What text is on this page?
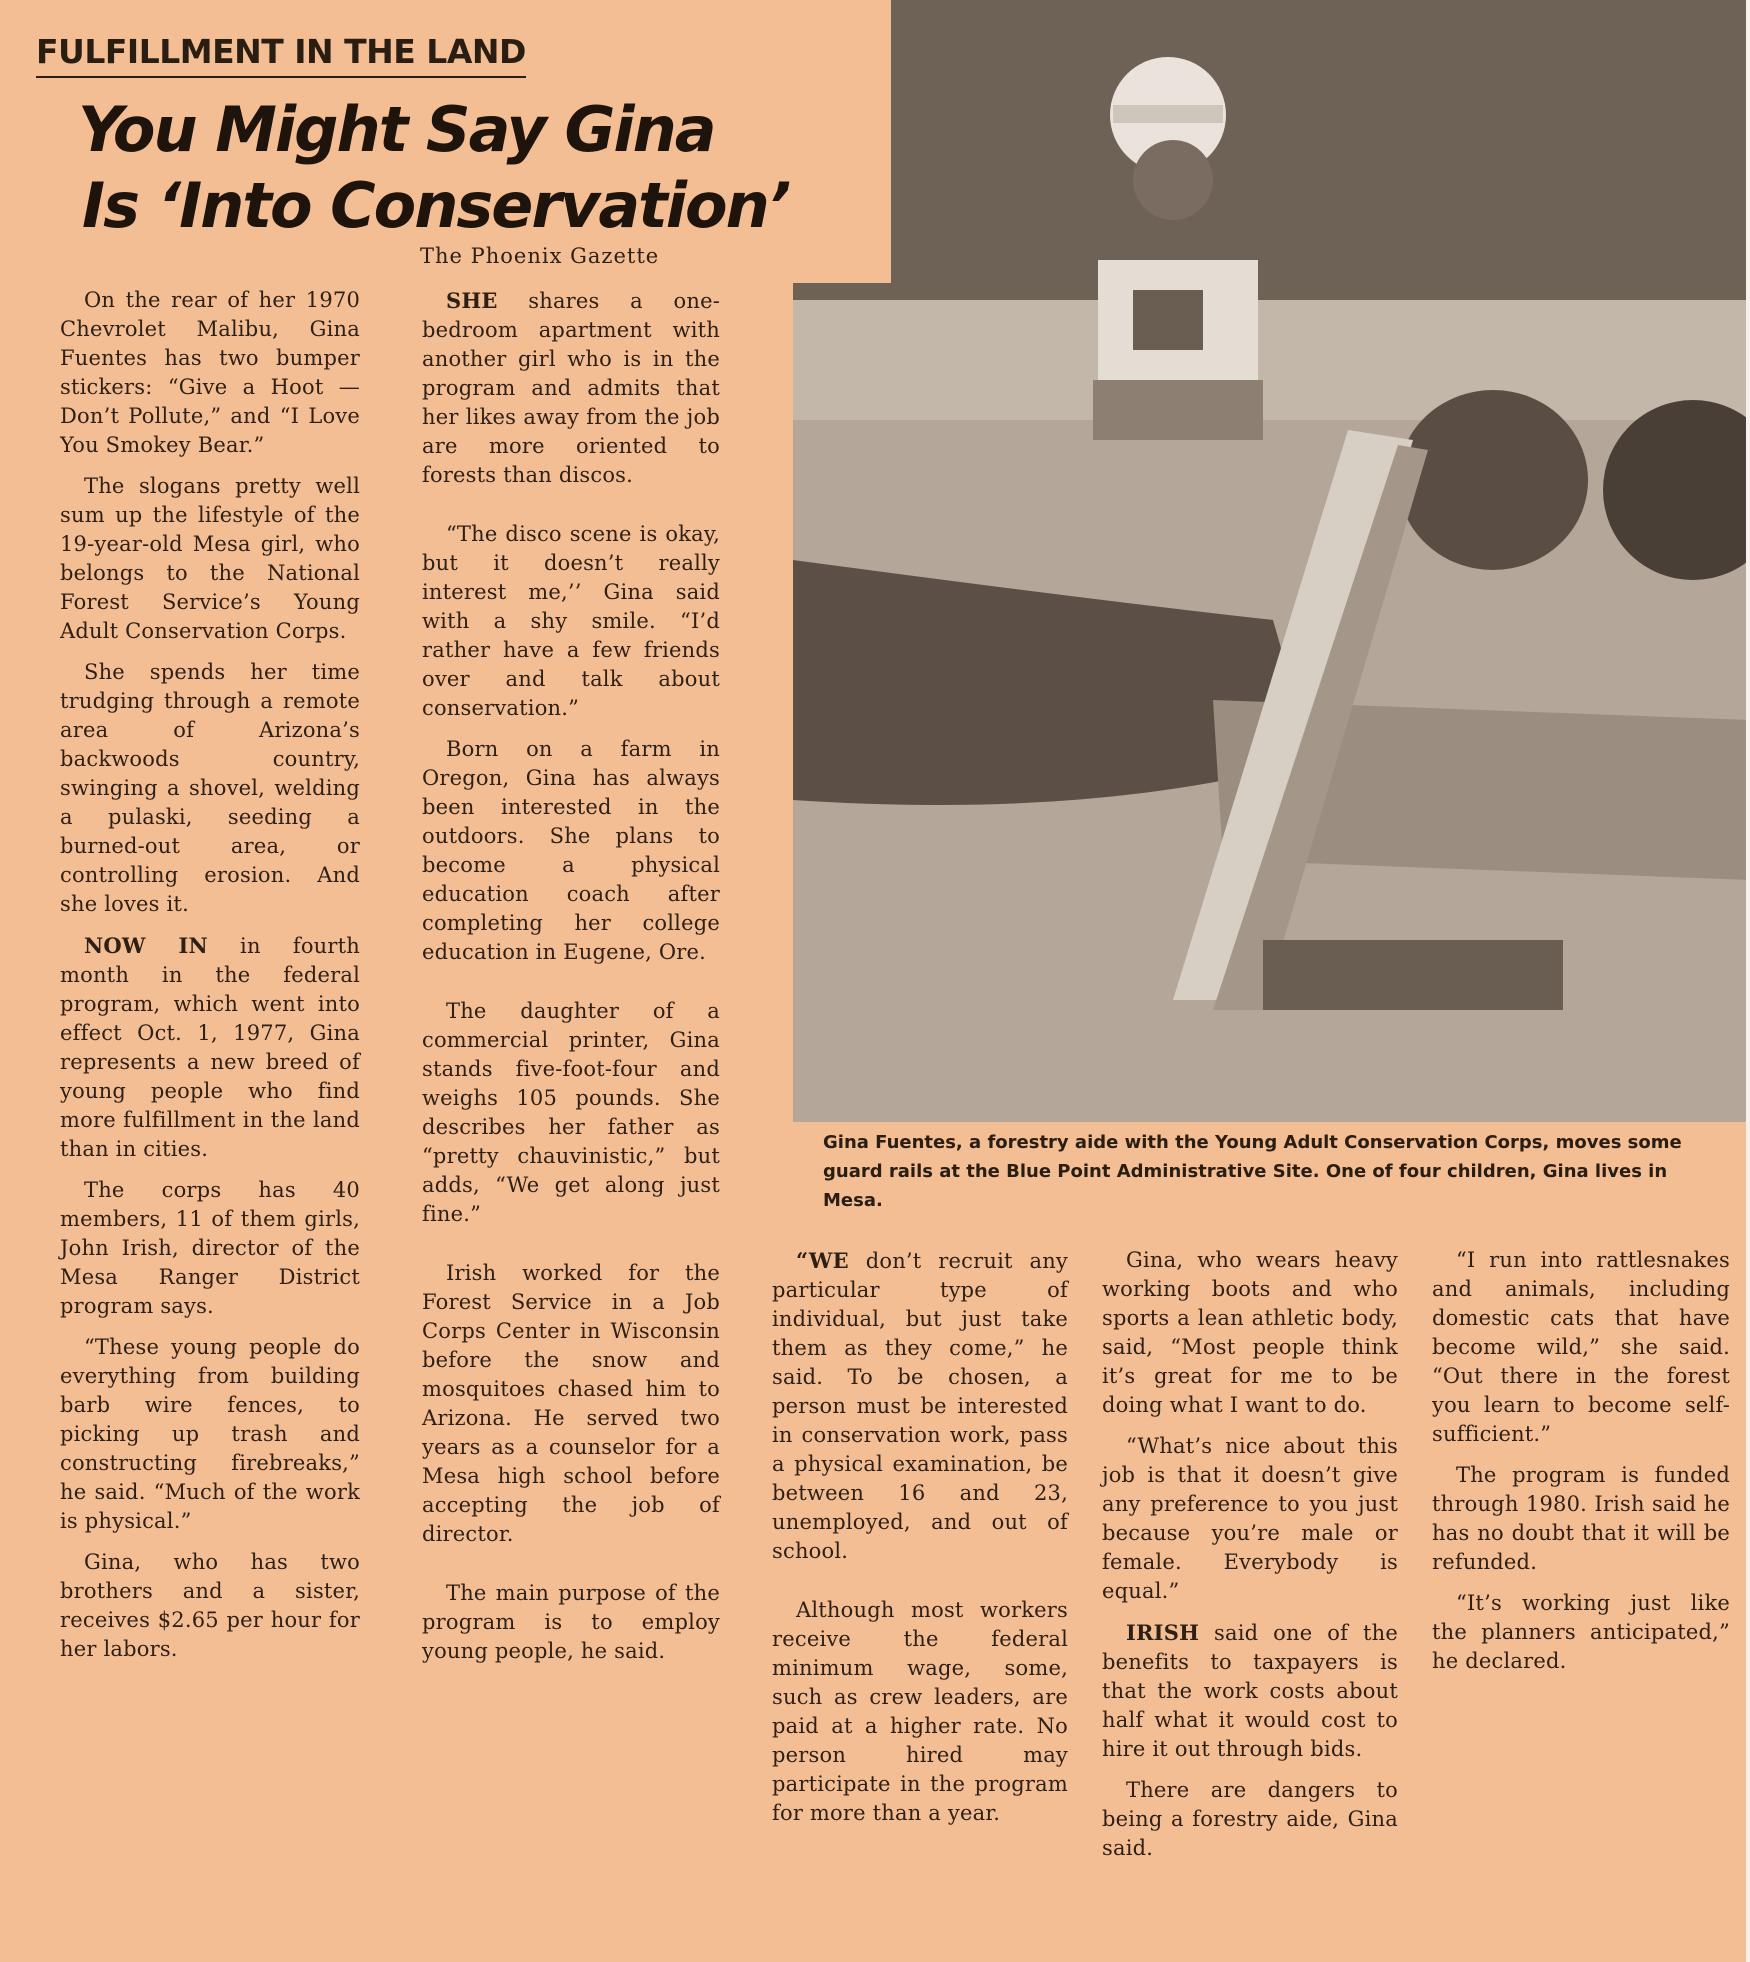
FULFILLMENT IN THE LAND
You Might Say Gina
Is ‘Into Conservation’
The Phoenix Gazette

Gina Fuentes, a forestry aide with the Young Adult Conservation Corps, moves some guard rails at the Blue Point Administrative Site. One of four children, Gina lives in Mesa.

On the rear of her 1970 Chevrolet Malibu, Gina Fuentes has two bumper stickers: “Give a Hoot — Don’t Pollute,” and “I Love You Smokey Bear.”

The slogans pretty well sum up the lifestyle of the 19-year-old Mesa girl, who belongs to the National Forest Service’s Young Adult Conservation Corps.

She spends her time trudging through a remote area of Arizona’s backwoods country, swinging a shovel, welding a pulaski, seeding a burned-out area, or controlling erosion. And she loves it.

NOW IN in fourth month in the federal program, which went into effect Oct. 1, 1977, Gina represents a new breed of young people who find more fulfillment in the land than in cities.

The corps has 40 members, 11 of them girls, John Irish, director of the Mesa Ranger District program says.

“These young people do everything from building barb wire fences, to picking up trash and constructing firebreaks,” he said. “Much of the work is physical.”

Gina, who has two brothers and a sister, receives $2.65 per hour for her labors.

SHE shares a one-bedroom apartment with another girl who is in the program and admits that her likes away from the job are more oriented to forests than discos.

“The disco scene is okay, but it doesn’t really interest me,’’ Gina said with a shy smile. “I’d rather have a few friends over and talk about conservation.”

Born on a farm in Oregon, Gina has always been interested in the outdoors. She plans to become a physical education coach after completing her college education in Eugene, Ore.

The daughter of a commercial printer, Gina stands five-foot-four and weighs 105 pounds. She describes her father as “pretty chauvinistic,” but adds, “We get along just fine.”

Irish worked for the Forest Service in a Job Corps Center in Wisconsin before the snow and mosquitoes chased him to Arizona. He served two years as a counselor for a Mesa high school before accepting the job of director.

The main purpose of the program is to employ young people, he said.

“WE don’t recruit any particular type of individual, but just take them as they come,” he said. To be chosen, a person must be interested in conservation work, pass a physical examination, be between 16 and 23, unemployed, and out of school.

Although most workers receive the federal minimum wage, some, such as crew leaders, are paid at a higher rate. No person hired may participate in the program for more than a year.

Gina, who wears heavy working boots and who sports a lean athletic body, said, “Most people think it’s great for me to be doing what I want to do.

“What’s nice about this job is that it doesn’t give any preference to you just because you’re male or female. Everybody is equal.”

IRISH said one of the benefits to taxpayers is that the work costs about half what it would cost to hire it out through bids.

There are dangers to being a forestry aide, Gina said.

“I run into rattlesnakes and animals, including domestic cats that have become wild,” she said. “Out there in the forest you learn to become self-sufficient.”

The program is funded through 1980. Irish said he has no doubt that it will be refunded.

“It’s working just like the planners anticipated,” he declared.
